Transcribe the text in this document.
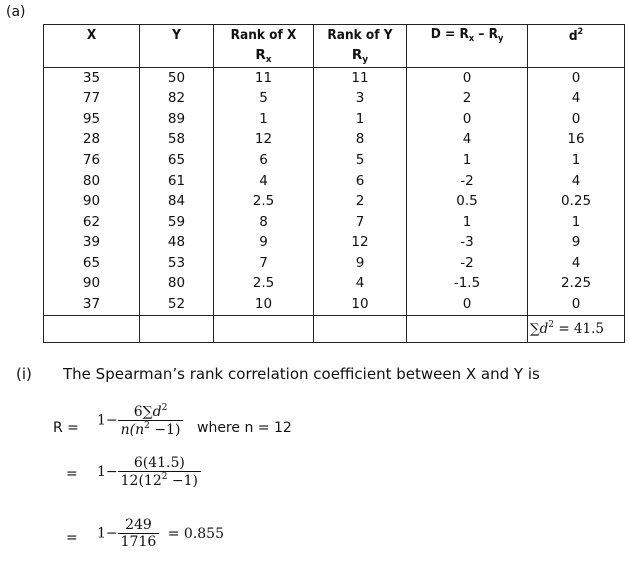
(a)
X	Y	Rank of X	Rank of Y	$D = R_x - R_y$	$d^2$
		$R_x$	$R_y$		
35	50	11	11	0	0
77	82	5	3	2	4
95	89	1	1	0	0
28	58	12	8	4	16
76	65	6	5	1	1
80	61	4	6	-2	4
90	84	2.5	2	0.5	0.25
62	59	8	7	1	1
39	48	9	12	-3	9
65	53	7	9	-2	4
90	80	2.5	4	-1.5	2.25
37	52	10	10	0	0
					$\sum d^2 = 41.5$
(i) The Spearman’s rank correlation coefficient between X and Y is
$R = 1- \frac{6\sum d^2}{n(n^2 -1)}$ where n = 12
= $1- \frac{6(41.5)}{12(12^2 -1)}$
= $1- \frac{249}{1716} = 0.855$
